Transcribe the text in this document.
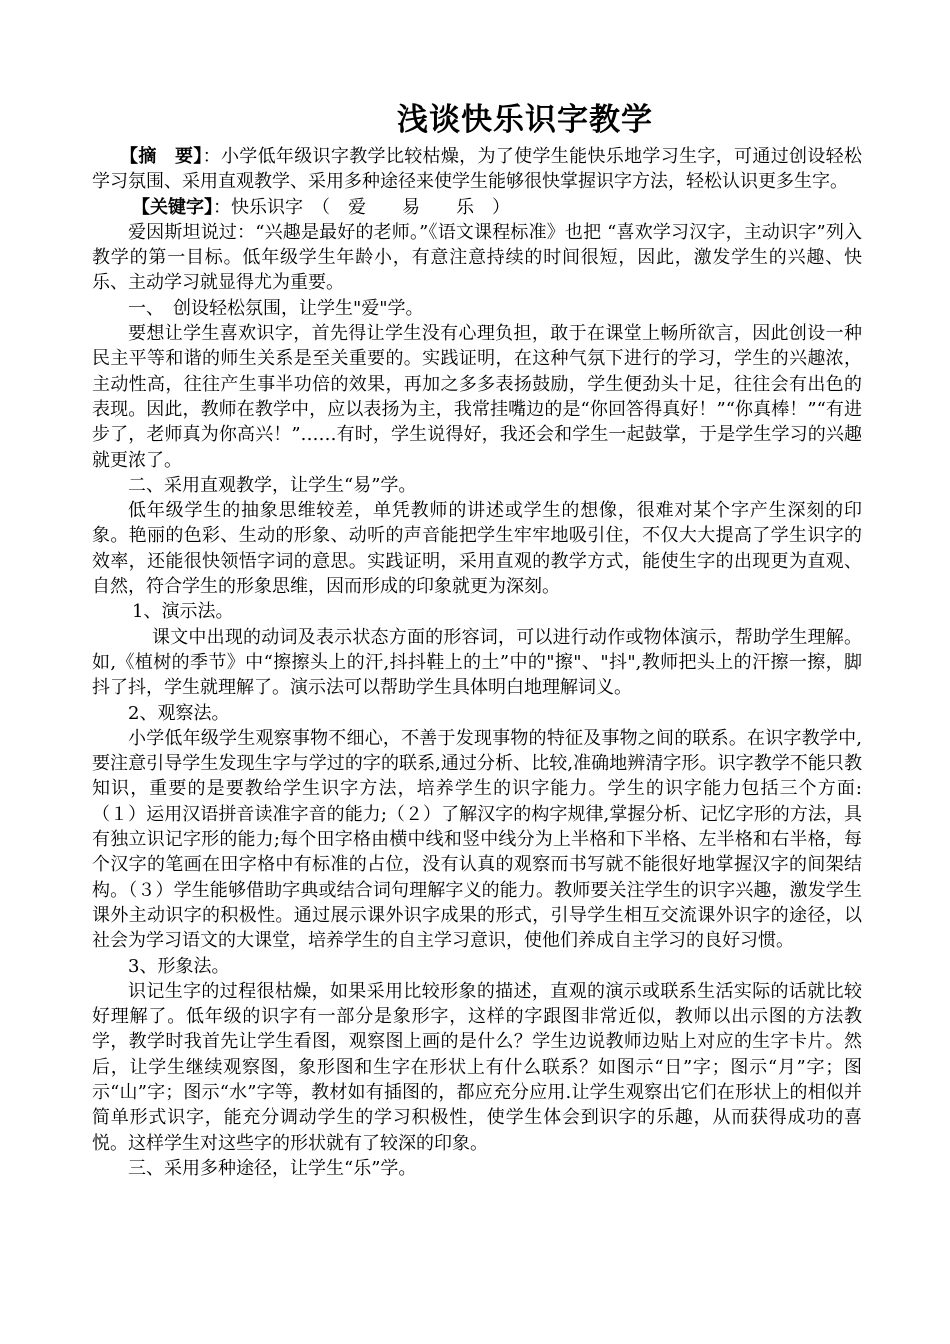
浅谈快乐识字教学

【摘　要】：小学低年级识字教学比较枯燥，为了使学生能快乐地学习生字，可通过创设轻松学习氛围、采用直观教学、采用多种途径来使学生能够很快掌握识字方法，轻松认识更多生字。

【关键字】：快乐识字　（　爱　　易　　乐　）

爱因斯坦说过：“兴趣是最好的老师。”《语文课程标准》也把 “喜欢学习汉字，主动识字”列入教学的第一目标。低年级学生年龄小，有意注意持续的时间很短，因此，激发学生的兴趣、快乐、主动学习就显得尤为重要。

一、　创设轻松氛围，让学生"爱"学。

要想让学生喜欢识字，首先得让学生没有心理负担，敢于在课堂上畅所欲言，因此创设一种民主平等和谐的师生关系是至关重要的。实践证明，在这种气氛下进行的学习，学生的兴趣浓，主动性高，往往产生事半功倍的效果，再加之多多表扬鼓励，学生便劲头十足，往往会有出色的表现。因此，教师在教学中，应以表扬为主，我常挂嘴边的是“你回答得真好！”“你真棒！”“有进步了，老师真为你高兴！”……有时，学生说得好，我还会和学生一起鼓掌，于是学生学习的兴趣就更浓了。

二、采用直观教学，让学生“易”学。

低年级学生的抽象思维较差，单凭教师的讲述或学生的想像，很难对某个字产生深刻的印象。艳丽的色彩、生动的形象、动听的声音能把学生牢牢地吸引住，不仅大大提高了学生识字的效率，还能很快领悟字词的意思。实践证明，采用直观的教学方式，能使生字的出现更为直观、自然，符合学生的形象思维，因而形成的印象就更为深刻。

1、演示法。

课文中出现的动词及表示状态方面的形容词，可以进行动作或物体演示，帮助学生理解。如,《植树的季节》中“擦擦头上的汗,抖抖鞋上的土”中的"擦"、"抖",教师把头上的汗擦一擦，脚抖了抖，学生就理解了。演示法可以帮助学生具体明白地理解词义。

2、观察法。

小学低年级学生观察事物不细心，不善于发现事物的特征及事物之间的联系。在识字教学中,要注意引导学生发现生字与学过的字的联系,通过分析、比较,准确地辨清字形。识字教学不能只教知识，重要的是要教给学生识字方法，培养学生的识字能力。学生的识字能力包括三个方面:（１）运用汉语拼音读准字音的能力;（２）了解汉字的构字规律,掌握分析、记忆字形的方法，具有独立识记字形的能力;每个田字格由横中线和竖中线分为上半格和下半格、左半格和右半格，每个汉字的笔画在田字格中有标准的占位，没有认真的观察而书写就不能很好地掌握汉字的间架结构。（３）学生能够借助字典或结合词句理解字义的能力。教师要关注学生的识字兴趣，激发学生课外主动识字的积极性。通过展示课外识字成果的形式，引导学生相互交流课外识字的途径，以社会为学习语文的大课堂，培养学生的自主学习意识，使他们养成自主学习的良好习惯。

3、形象法。

识记生字的过程很枯燥，如果采用比较形象的描述，直观的演示或联系生活实际的话就比较好理解了。低年级的识字有一部分是象形字，这样的字跟图非常近似，教师以出示图的方法教学，教学时我首先让学生看图，观察图上画的是什么？学生边说教师边贴上对应的生字卡片。然后，让学生继续观察图，象形图和生字在形状上有什么联系？如图示“日”字；图示“月”字；图示“山”字；图示“水”字等，教材如有插图的，都应充分应用.让学生观察出它们在形状上的相似并简单形式识字，能充分调动学生的学习积极性，使学生体会到识字的乐趣，从而获得成功的喜悦。这样学生对这些字的形状就有了较深的印象。

三、采用多种途径，让学生“乐”学。
